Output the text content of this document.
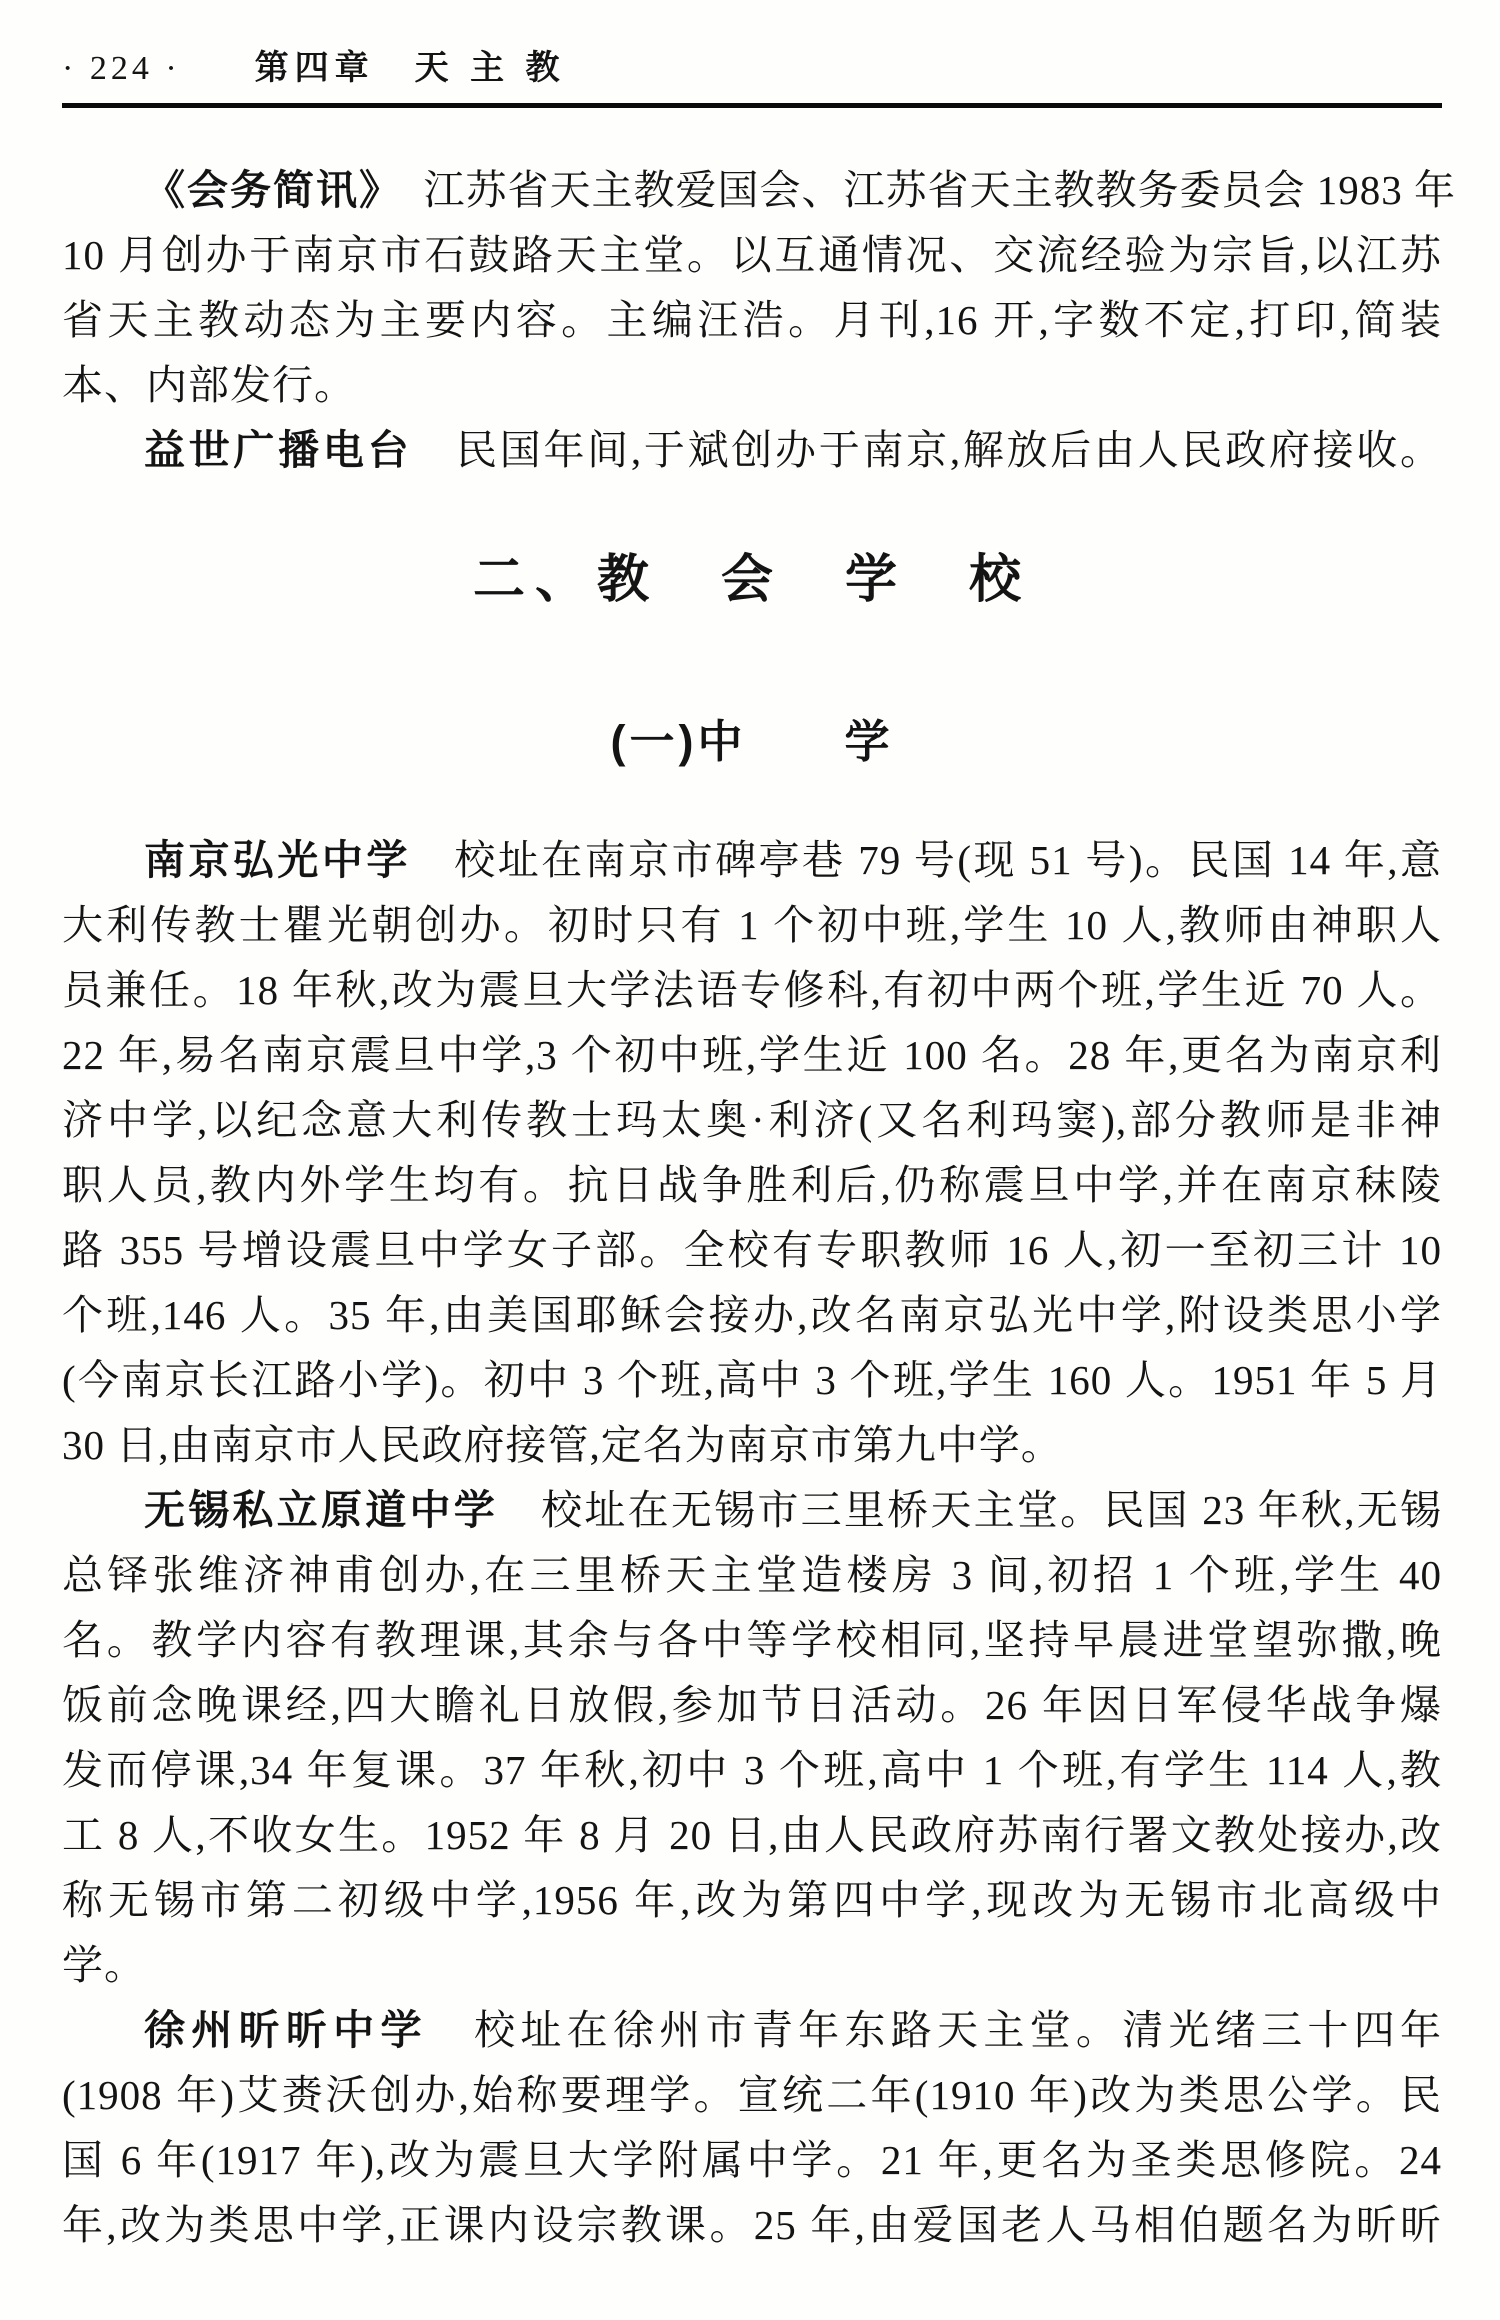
· 224 · 第四章　天 主 教
《会务简讯》　江苏省天主教爱国会、江苏省天主教教务委员会 1983 年
10 月创办于南京市石鼓路天主堂。以互通情况、交流经验为宗旨,以江苏
省天主教动态为主要内容。主编汪浩。月刊,16 开,字数不定,打印,简装
本、内部发行。
益世广播电台　民国年间,于斌创办于南京,解放后由人民政府接收。
二、教　会　学　校
(一)中　　学
南京弘光中学　校址在南京市碑亭巷 79 号(现 51 号)。民国 14 年,意
大利传教士瞿光朝创办。初时只有 1 个初中班,学生 10 人,教师由神职人
员兼任。18 年秋,改为震旦大学法语专修科,有初中两个班,学生近 70 人。
22 年,易名南京震旦中学,3 个初中班,学生近 100 名。28 年,更名为南京利
济中学,以纪念意大利传教士玛太奥·利济(又名利玛窦),部分教师是非神
职人员,教内外学生均有。抗日战争胜利后,仍称震旦中学,并在南京秣陵
路 355 号增设震旦中学女子部。全校有专职教师 16 人,初一至初三计 10
个班,146 人。35 年,由美国耶稣会接办,改名南京弘光中学,附设类思小学
(今南京长江路小学)。初中 3 个班,高中 3 个班,学生 160 人。1951 年 5 月
30 日,由南京市人民政府接管,定名为南京市第九中学。
无锡私立原道中学　校址在无锡市三里桥天主堂。民国 23 年秋,无锡
总铎张维济神甫创办,在三里桥天主堂造楼房 3 间,初招 1 个班,学生 40
名。教学内容有教理课,其余与各中等学校相同,坚持早晨进堂望弥撒,晚
饭前念晚课经,四大瞻礼日放假,参加节日活动。26 年因日军侵华战争爆
发而停课,34 年复课。37 年秋,初中 3 个班,高中 1 个班,有学生 114 人,教
工 8 人,不收女生。1952 年 8 月 20 日,由人民政府苏南行署文教处接办,改
称无锡市第二初级中学,1956 年,改为第四中学,现改为无锡市北高级中
学。
徐州昕昕中学　校址在徐州市青年东路天主堂。清光绪三十四年
(1908 年)艾赉沃创办,始称要理学。宣统二年(1910 年)改为类思公学。民
国 6 年(1917 年),改为震旦大学附属中学。21 年,更名为圣类思修院。24
年,改为类思中学,正课内设宗教课。25 年,由爱国老人马相伯题名为昕昕
